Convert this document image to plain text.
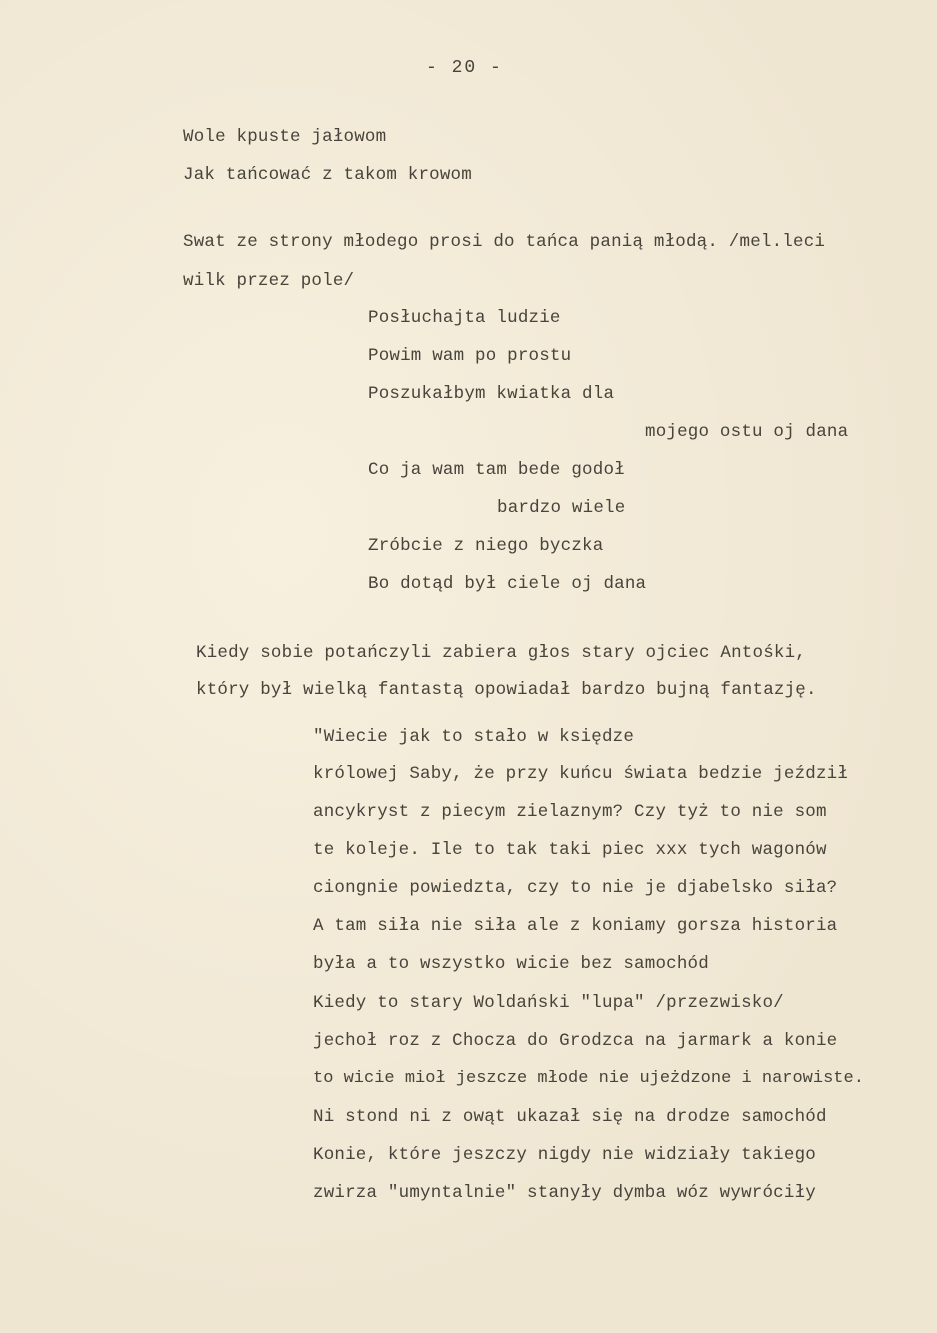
- 20 -
Wole kpuste jałowom
Jak tańcować z takom krowom
Swat ze strony młodego prosi do tańca panią młodą. /mel.leci
wilk przez pole/
Posłuchajta ludzie
Powim wam po prostu
Poszukałbym kwiatka dla
mojego ostu oj dana
Co ja wam tam bede godoł
bardzo wiele
Zróbcie z niego byczka
Bo dotąd był ciele oj dana
Kiedy sobie potańczyli zabiera głos stary ojciec Antośki,
który był wielką fantastą opowiadał bardzo bujną fantazję.
"Wiecie jak to stało w księdze
królowej Saby, że przy kuńcu świata bedzie jeździł
ancykryst z piecym zielaznym? Czy tyż to nie som
te koleje. Ile to tak taki piec xxx tych wagonów
ciongnie powiedzta, czy to nie je djabelsko siła?
A tam siła nie siła ale z koniamy gorsza historia
była a to wszystko wicie bez samochód
Kiedy to stary Woldański "lupa" /przezwisko/
jechoł roz z Chocza do Grodzca na jarmark a konie
to wicie mioł jeszcze młode nie ujeżdzone i narowiste.
Ni stond ni z owąt ukazał się na drodze samochód
Konie, które jeszczy nigdy nie widziały takiego
zwirza "umyntalnie" stanyły dymba wóz wywróciły
